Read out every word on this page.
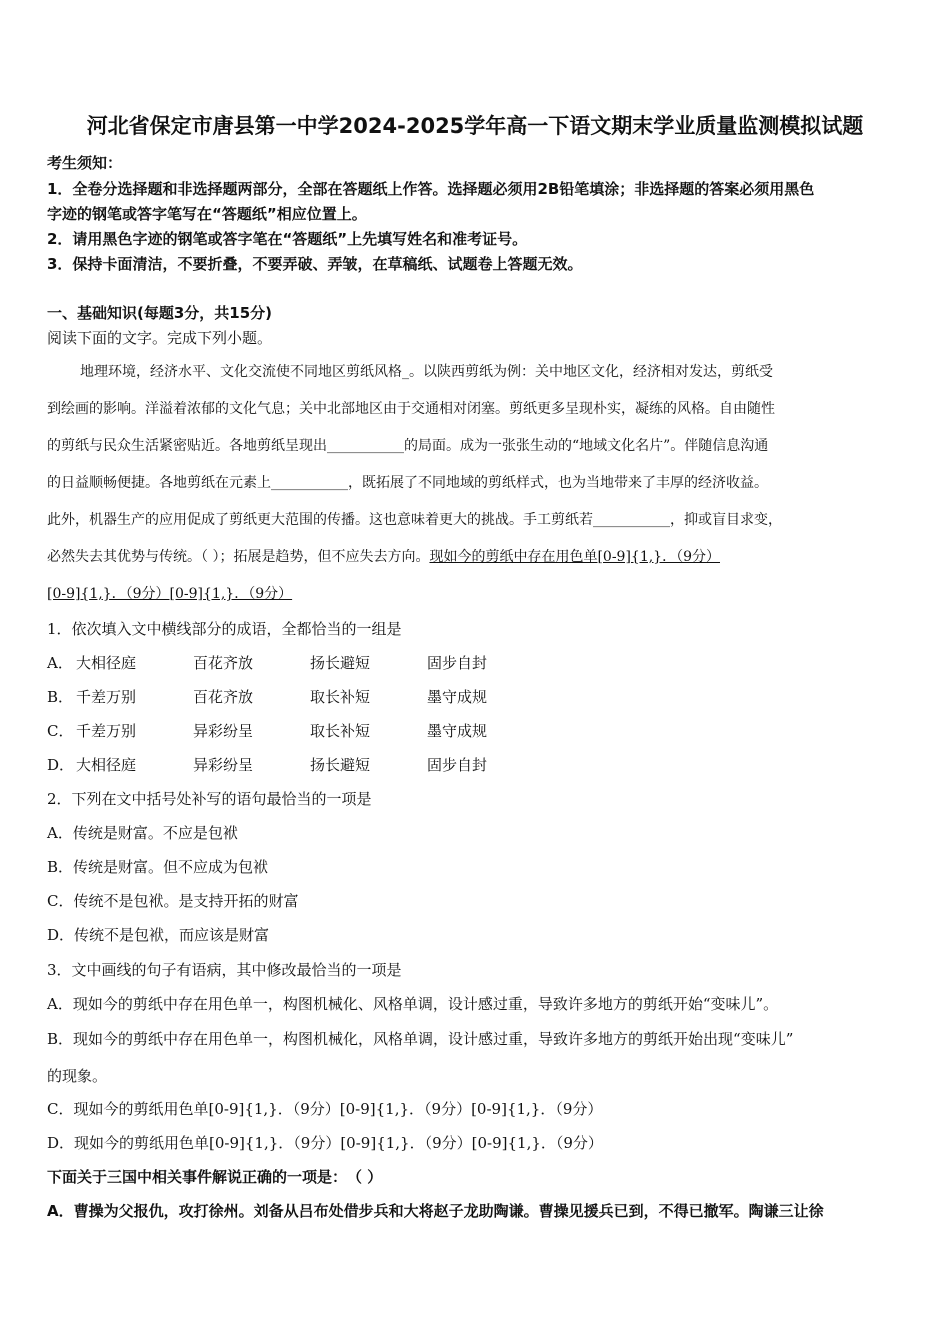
河北省保定市唐县第一中学2024-2025学年高一下语文期末学业质量监测模拟试题
考生须知：
1．全卷分选择题和非选择题两部分，全部在答题纸上作答。选择题必须用2B铅笔填涂；非选择题的答案必须用黑色
字迹的钢笔或答字笔写在“答题纸”相应位置上。
2．请用黑色字迹的钢笔或答字笔在“答题纸”上先填写姓名和准考证号。
3．保持卡面清洁，不要折叠，不要弄破、弄皱，在草稿纸、试题卷上答题无效。
一、基础知识(每题3分，共15分)
阅读下面的文字。完成下列小题。
地理环境，经济水平、文化交流使不同地区剪纸风格_。以陕西剪纸为例：关中地区文化，经济相对发达，剪纸受
到绘画的影响。洋溢着浓郁的文化气息；关中北部地区由于交通相对闭塞。剪纸更多呈现朴实，凝练的风格。自由随性
的剪纸与民众生活紧密贴近。各地剪纸呈现出___________的局面。成为一张张生动的“地域文化名片”。伴随信息沟通
的日益顺畅便捷。各地剪纸在元素上___________，既拓展了不同地域的剪纸样式，也为当地带来了丰厚的经济收益。
此外，机器生产的应用促成了剪纸更大范围的传播。这也意味着更大的挑战。手工剪纸若___________，抑或盲目求变，
必然失去其优势与传统。（ ）；拓展是趋势，但不应失去方向。现如今的剪纸中存在用色单[0-9]{1,}．（9分）
[0-9]{1,}．（9分）[0-9]{1,}．（9分）
1．依次填入文中横线部分的成语，全都恰当的一组是
A． 大相径庭	百花齐放	扬长避短	固步自封
B． 千差万别	百花齐放	取长补短	墨守成规
C． 千差万别	异彩纷呈	取长补短	墨守成规
D． 大相径庭	异彩纷呈	扬长避短	固步自封
2．下列在文中括号处补写的语句最恰当的一项是
A．传统是财富。不应是包袱
B．传统是财富。但不应成为包袱
C．传统不是包袱。是支持开拓的财富
D．传统不是包袱，而应该是财富
3．文中画线的句子有语病，其中修改最恰当的一项是
A．现如今的剪纸中存在用色单一，构图机械化、风格单调，设计感过重，导致许多地方的剪纸开始“变味儿”。
B．现如今的剪纸中存在用色单一，构图机械化，风格单调，设计感过重，导致许多地方的剪纸开始出现“变味儿”
的现象。
C．现如今的剪纸用色单[0-9]{1,}．（9分）[0-9]{1,}．（9分）[0-9]{1,}．（9分）
D．现如今的剪纸用色单[0-9]{1,}．（9分）[0-9]{1,}．（9分）[0-9]{1,}．（9分）
下面关于三国中相关事件解说正确的一项是：　（ ）
A．曹操为父报仇，攻打徐州。刘备从吕布处借步兵和大将赵子龙助陶谦。曹操见援兵已到，不得已撤军。陶谦三让徐
